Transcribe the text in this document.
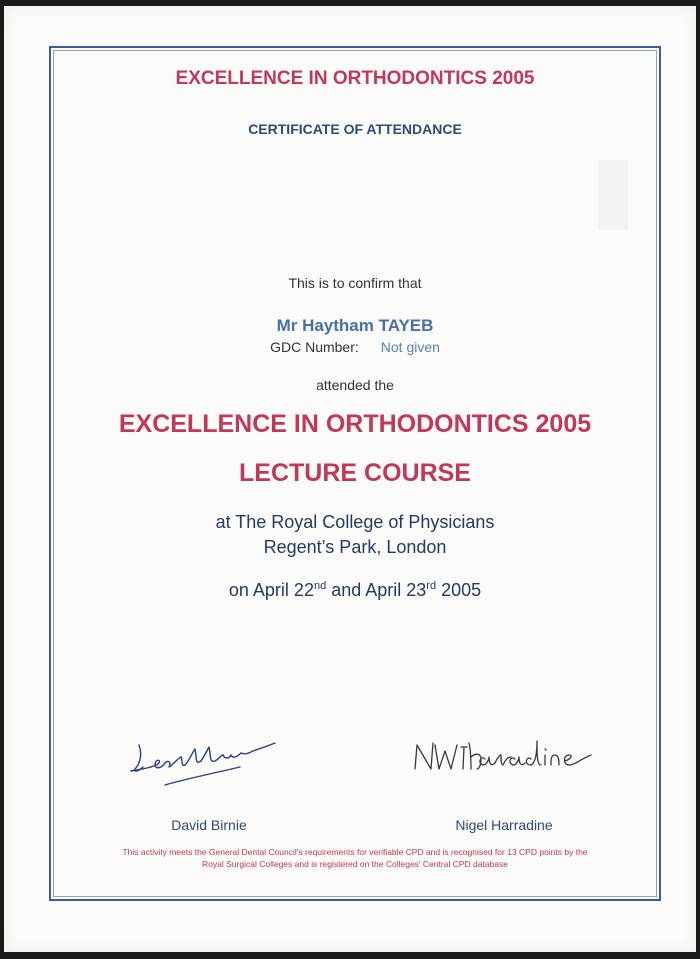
EXCELLENCE IN ORTHODONTICS 2005
CERTIFICATE OF ATTENDANCE
This is to confirm that
Mr Haytham TAYEB
GDC Number: Not given
attended the
EXCELLENCE IN ORTHODONTICS 2005
LECTURE COURSE
at The Royal College of Physicians
Regent’s Park, London
on April 22nd and April 23rd 2005
David Birnie	Nigel Harradine
This activity meets the General Dental Council's requirements for verifiable CPD and is recognised for 13 CPD points by the
Royal Surgical Colleges and is registered on the Colleges' Central CPD database
